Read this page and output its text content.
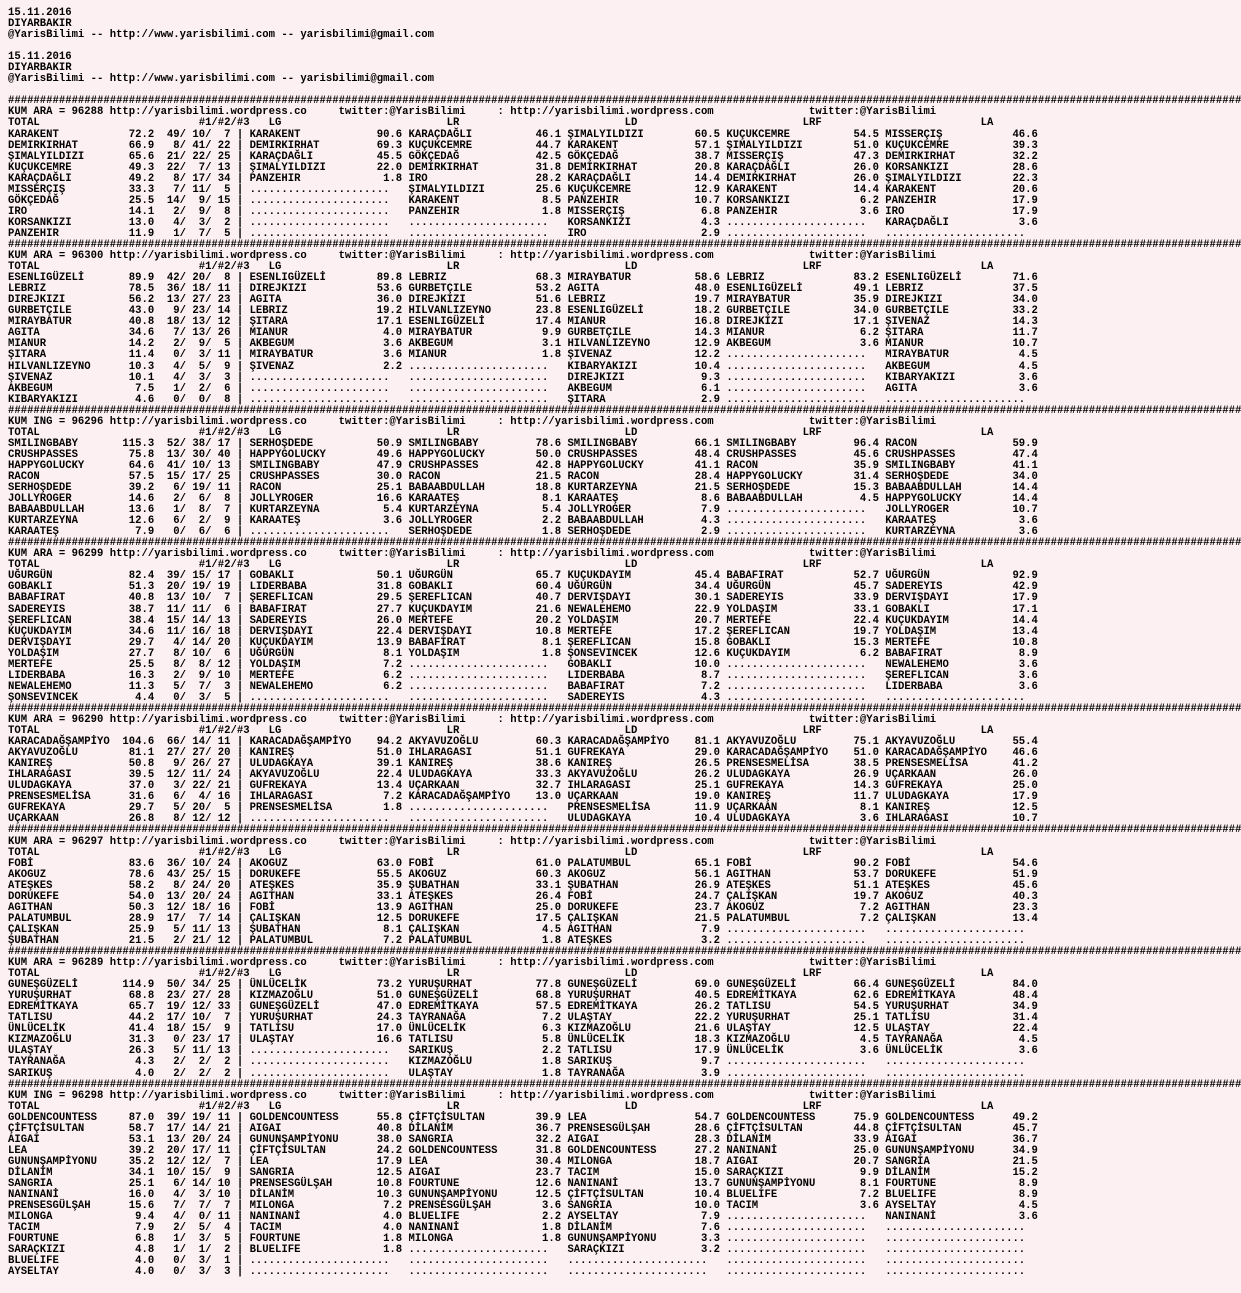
15.11.2016
DIYARBAKIR
@YarisBilimi -- http://www.yarisbilimi.com -- yarisbilimi@gmail.com

15.11.2016
DIYARBAKIR
@YarisBilimi -- http://www.yarisbilimi.com -- yarisbilimi@gmail.com

##################################################################################################################################################################################################
KUM ARA = 96288 http://yarisbilimi.wordpress.co     twitter:@YarisBilimi     : http://yarisbilimi.wordpress.com               twitter:@YarisBilimi
TOTAL                         #1/#2/#3   LG                          LR                          LD                          LRF                         LA
KARAKENT           72.2  49/ 10/  7 | KARAKENT            90.6 KARAÇDAĞLI          46.1 ŞIMALYILDIZI        60.5 KUÇUKCEMRE          54.5 MISSERÇIŞ           46.6
DEMIRKIRHAT        66.9   8/ 41/ 22 | DEMIRKIRHAT         69.3 KUÇUKCEMRE          44.7 KARAKENT            57.1 ŞIMALYILDIZI        51.0 KUÇUKCEMRE          39.3
ŞIMALYILDIZI       65.6  21/ 22/ 25 | KARAÇDAĞLI          45.5 GÖKÇEDAĞ            42.5 GÖKÇEDAĞ            38.7 MISSERÇIŞ           47.3 DEMIRKIRHAT         32.2
KUÇUKCEMRE         49.3  22/  7/ 13 | ŞIMALYILDIZI        22.0 DEMIRKIRHAT         31.8 DEMIRKIRHAT         20.8 KARAÇDAĞLI          26.0 KORSANKIZI          28.6
KARAÇDAĞLI         49.2   8/ 17/ 34 | PANZEHIR             1.8 IRO                 28.2 KARAÇDAĞLI          14.4 DEMIRKIRHAT         26.0 ŞIMALYILDIZI        22.3
MISSERÇIŞ          33.3   7/ 11/  5 | ......................   ŞIMALYILDIZI        25.6 KUÇUKCEMRE          12.9 KARAKENT            14.4 KARAKENT            20.6
GÖKÇEDAĞ           25.5  14/  9/ 15 | ......................   KARAKENT             8.5 PANZEHIR            10.7 KORSANKIZI           6.2 PANZEHIR            17.9
IRO                14.1   2/  9/  8 | ......................   PANZEHIR             1.8 MISSERÇIŞ            6.8 PANZEHIR             3.6 IRO                 17.9
KORSANKIZI         13.0   4/  3/  2 | ......................   ......................   KORSANKIZI           4.3 ......................   KARAÇDAĞLI           3.6
PANZEHIR           11.9   1/  7/  5 | ......................   ......................   IRO                  2.9 ......................   ......................
##################################################################################################################################################################################################
KUM ARA = 96300 http://yarisbilimi.wordpress.co     twitter:@YarisBilimi     : http://yarisbilimi.wordpress.com               twitter:@YarisBilimi
TOTAL                         #1/#2/#3   LG                          LR                          LD                          LRF                         LA
ESENLIGÜZELİ       89.9  42/ 20/  8 | ESENLIGÜZELİ        89.8 LEBRIZ              68.3 MIRAYBATUR          58.6 LEBRIZ              83.2 ESENLIGÜZELİ        71.6
LEBRIZ             78.5  36/ 18/ 11 | DIREJKIZI           53.6 GURBETÇILE          53.2 AGITA               48.0 ESENLIGÜZELİ        49.1 LEBRIZ              37.5
DIREJKIZI          56.2  13/ 27/ 23 | AGITA               36.0 DIREJKIZI           51.6 LEBRIZ              19.7 MIRAYBATUR          35.9 DIREJKIZI           34.0
GURBETÇILE         43.0   9/ 23/ 14 | LEBRIZ              19.2 HILVANLIZEYNO       23.8 ESENLIGÜZELİ        18.2 GURBETÇILE          34.0 GURBETÇILE          33.2
MIRAYBATUR         40.8  18/ 13/ 12 | ŞITARA              17.1 ESENLIGÜZELİ        17.4 MIANUR              16.8 DIREJKIZI           17.1 ŞIVENAZ             14.3
AGITA              34.6   7/ 13/ 26 | MIANUR               4.0 MIRAYBATUR           9.9 GURBETÇILE          14.3 MIANUR               6.2 ŞITARA              11.7
MIANUR             14.2   2/  9/  5 | AKBEGUM              3.6 AKBEGUM              3.1 HILVANLIZEYNO       12.9 AKBEGUM              3.6 MIANUR              10.7
ŞITARA             11.4   0/  3/ 11 | MIRAYBATUR           3.6 MIANUR               1.8 ŞIVENAZ             12.2 ......................   MIRAYBATUR           4.5
HILVANLIZEYNO      10.3   4/  5/  9 | ŞIVENAZ              2.2 ......................   KIBARYAKIZI         10.4 ......................   AKBEGUM              4.5
ŞIVENAZ            10.1   4/  3/  3 | ......................   ......................   DIREJKIZI            9.3 ......................   KIBARYAKIZI          3.6
AKBEGUM             7.5   1/  2/  6 | ......................   ......................   AKBEGUM              6.1 ......................   AGITA                3.6
KIBARYAKIZI         4.6   0/  0/  8 | ......................   ......................   ŞITARA               2.9 ......................   ......................
##################################################################################################################################################################################################
KUM ING = 96296 http://yarisbilimi.wordpress.co     twitter:@YarisBilimi     : http://yarisbilimi.wordpress.com               twitter:@YarisBilimi
TOTAL                         #1/#2/#3   LG                          LR                          LD                          LRF                         LA
SMILINGBABY       115.3  52/ 38/ 17 | SERHOŞDEDE          50.9 SMILINGBABY         78.6 SMILINGBABY         66.1 SMILINGBABY         96.4 RACON               59.9
CRUSHPASSES        75.8  13/ 30/ 40 | HAPPYGOLUCKY        49.6 HAPPYGOLUCKY        50.0 CRUSHPASSES         48.4 CRUSHPASSES         45.6 CRUSHPASSES         47.4
HAPPYGOLUCKY       64.6  41/ 10/ 13 | SMILINGBABY         47.9 CRUSHPASSES         42.8 HAPPYGOLUCKY        41.1 RACON               35.9 SMILINGBABY         41.1
RACON              57.5  15/ 17/ 25 | CRUSHPASSES         30.0 RACON               21.5 RACON               28.4 HAPPYGOLUCKY        31.4 SERHOŞDEDE          34.0
SERHOŞDEDE         39.2   6/ 19/ 11 | RACON               25.1 BABAABDULLAH        18.8 KURTARZEYNA         21.5 SERHOŞDEDE          15.3 BABAABDULLAH        14.4
JOLLYROGER         14.6   2/  6/  8 | JOLLYROGER          16.6 KARAATEŞ             8.1 KARAATEŞ             8.6 BABAABDULLAH         4.5 HAPPYGOLUCKY        14.4
BABAABDULLAH       13.6   1/  8/  7 | KURTARZEYNA          5.4 KURTARZEYNA          5.4 JOLLYROGER           7.9 ......................   JOLLYROGER          10.7
KURTARZEYNA        12.6   6/  2/  9 | KARAATEŞ             3.6 JOLLYROGER           2.2 BABAABDULLAH         4.3 ......................   KARAATEŞ             3.6
KARAATEŞ            7.9   0/  6/  6 | ......................   SERHOŞDEDE           1.8 SERHOŞDEDE           2.9 ......................   KURTARZEYNA          3.6
##################################################################################################################################################################################################
KUM ARA = 96299 http://yarisbilimi.wordpress.co     twitter:@YarisBilimi     : http://yarisbilimi.wordpress.com               twitter:@YarisBilimi
TOTAL                         #1/#2/#3   LG                          LR                          LD                          LRF                         LA
UĞURGÜN            82.4  39/ 15/ 17 | GOBAKLI             50.1 UĞURGÜN             65.7 KUÇUKDAYIM          45.4 BABAFIRAT           52.7 UĞURGÜN             92.9
GOBAKLI            51.3  20/ 19/ 19 | LIDERBABA           31.8 GOBAKLI             60.4 UĞURGÜN             34.4 UĞURGÜN             45.7 SADEREYIS           42.9
BABAFIRAT          40.8  13/ 10/  7 | ŞEREFLICAN          29.5 ŞEREFLICAN          40.7 DERVIŞDAYI          30.1 SADEREYIS           33.9 DERVIŞDAYI          17.9
SADEREYIS          38.7  11/ 11/  6 | BABAFIRAT           27.7 KUÇUKDAYIM          21.6 NEWALEHEMO          22.9 YOLDAŞIM            33.1 GOBAKLI             17.1
ŞEREFLICAN         38.4  15/ 14/ 13 | SADEREYIS           26.0 MERTEFE             20.2 YOLDAŞIM            20.7 MERTEFE             22.4 KUÇUKDAYIM          14.4
KUÇUKDAYIM         34.6  11/ 16/ 18 | DERVIŞDAYI          22.4 DERVIŞDAYI          10.8 MERTEFE             17.2 ŞEREFLICAN          19.7 YOLDAŞIM            13.4
DERVIŞDAYI         29.7   4/ 14/ 20 | KUÇUKDAYIM          13.9 BABAFIRAT            8.1 ŞEREFLICAN          15.8 GOBAKLI             15.3 MERTEFE             10.8
YOLDAŞIM           27.7   8/ 10/  6 | UĞURGÜN              8.1 YOLDAŞIM             1.8 ŞONSEVINCEK         12.6 KUÇUKDAYIM           6.2 BABAFIRAT            8.9
MERTEFE            25.5   8/  8/ 12 | YOLDAŞIM             7.2 ......................   GOBAKLI             10.0 ......................   NEWALEHEMO           3.6
LIDERBABA          16.3   2/  9/ 10 | MERTEFE              6.2 ......................   LIDERBABA            8.7 ......................   ŞEREFLICAN           3.6
NEWALEHEMO         11.3   5/  7/  3 | NEWALEHEMO           6.2 ......................   BABAFIRAT            7.2 ......................   LIDERBABA            3.6
ŞONSEVINCEK         4.4   0/  3/  5 | ......................   ......................   SADEREYIS            4.3 ......................   ......................
##################################################################################################################################################################################################
KUM ARA = 96290 http://yarisbilimi.wordpress.co     twitter:@YarisBilimi     : http://yarisbilimi.wordpress.com               twitter:@YarisBilimi
TOTAL                         #1/#2/#3   LG                          LR                          LD                          LRF                         LA
KARACADAĞŞAMPİYO  104.6  66/ 14/ 11 | KARACADAĞŞAMPİYO    94.2 AKYAVUZOĞLU         60.3 KARACADAĞŞAMPİYO    81.1 AKYAVUZOĞLU         75.1 AKYAVUZOĞLU         55.4
AKYAVUZOĞLU        81.1  27/ 27/ 20 | KANIREŞ             51.0 IHLARAGASI          51.1 GUFREKAYA           29.0 KARACADAĞŞAMPİYO    51.0 KARACADAĞŞAMPİYO    46.6
KANIREŞ            50.8   9/ 26/ 27 | ULUDAGKAYA          39.1 KANIREŞ             38.6 KANIREŞ             26.5 PRENSESMELİSA       38.5 PRENSESMELİSA       41.2
IHLARAGASI         39.5  12/ 11/ 24 | AKYAVUZOĞLU         22.4 ULUDAGKAYA          33.3 AKYAVUZOĞLU         26.2 ULUDAGKAYA          26.9 UÇARKAAN            26.0
ULUDAGKAYA         37.0   3/ 22/ 21 | GUFREKAYA           13.4 UÇARKAAN            32.7 IHLARAGASI          25.1 GUFREKAYA           14.3 GUFREKAYA           25.0
PRENSESMELİSA      31.6   6/  4/ 16 | IHLARAGASI           7.2 KARACADAĞŞAMPİYO    13.0 UÇARKAAN            19.0 KANIREŞ             11.7 ULUDAGKAYA          17.9
GUFREKAYA          29.7   5/ 20/  5 | PRENSESMELİSA        1.8 ......................   PRENSESMELİSA       11.9 UÇARKAAN             8.1 KANIREŞ             12.5
UÇARKAAN           26.8   8/ 12/ 12 | ......................   ......................   ULUDAGKAYA          10.4 ULUDAGKAYA           3.6 IHLARAGASI          10.7
##################################################################################################################################################################################################
KUM ARA = 96297 http://yarisbilimi.wordpress.co     twitter:@YarisBilimi     : http://yarisbilimi.wordpress.com               twitter:@YarisBilimi
TOTAL                         #1/#2/#3   LG                          LR                          LD                          LRF                         LA
FOBİ               83.6  36/ 10/ 24 | AKOGUZ              63.0 FOBİ                61.0 PALATUMBUL          65.1 FOBİ                90.2 FOBİ                54.6
AKOGUZ             78.6  43/ 25/ 15 | DORUKEFE            55.5 AKOGUZ              60.3 AKOGUZ              56.1 AGITHAN             53.7 DORUKEFE            51.9
ATEŞKES            58.2   8/ 24/ 20 | ATEŞKES             35.9 ŞUBATHAN            33.1 ŞUBATHAN            26.9 ATEŞKES             51.1 ATEŞKES             45.6
DORUKEFE           54.0  13/ 20/ 24 | AGITHAN             33.1 ATEŞKES             26.4 FOBİ                24.7 ÇALIŞKAN            19.7 AKOGUZ              40.3
AGITHAN            50.3  12/ 18/ 16 | FOBİ                13.9 AGITHAN             25.0 DORUKEFE            23.7 AKOGUZ               7.2 AGITHAN             23.3
PALATUMBUL         28.9  17/  7/ 14 | ÇALIŞKAN            12.5 DORUKEFE            17.5 ÇALIŞKAN            21.5 PALATUMBUL           7.2 ÇALIŞKAN            13.4
ÇALIŞKAN           25.9   5/ 11/ 13 | ŞUBATHAN             8.1 ÇALIŞKAN             4.5 AGITHAN              7.9 ......................   ......................
ŞUBATHAN           21.5   2/ 21/ 12 | PALATUMBUL           7.2 PALATUMBUL           1.8 ATEŞKES              3.2 ......................   ......................
##################################################################################################################################################################################################
KUM ARA = 96289 http://yarisbilimi.wordpress.co     twitter:@YarisBilimi     : http://yarisbilimi.wordpress.com               twitter:@YarisBilimi
TOTAL                         #1/#2/#3   LG                          LR                          LD                          LRF                         LA
GUNEŞGÜZELİ       114.9  50/ 34/ 25 | ÜNLÜCELİK           73.2 YURUŞURHAT          77.8 GUNEŞGÜZELİ         69.0 GUNEŞGÜZELİ         66.4 GUNEŞGÜZELİ         84.0
YURUŞURHAT         68.8  23/ 27/ 28 | KIZMAZOĞLU          51.0 GUNEŞGÜZELİ         68.8 YURUŞURHAT          40.5 EDREMİTKAYA         62.6 EDREMİTKAYA         48.4
EDREMİTKAYA        65.7  19/ 12/ 33 | GUNEŞGÜZELİ         47.0 EDREMİTKAYA         57.5 EDREMİTKAYA         26.2 TATLISU             54.5 YURUŞURHAT          34.9
TATLISU            44.2  17/ 10/  7 | YURUŞURHAT          24.3 TAYRANAĞA            7.2 ULAŞTAY             22.2 YURUŞURHAT          25.1 TATLISU             31.4
ÜNLÜCELİK          41.4  18/ 15/  9 | TATLISU             17.0 ÜNLÜCELİK            6.3 KIZMAZOĞLU          21.6 ULAŞTAY             12.5 ULAŞTAY             22.4
KIZMAZOĞLU         31.3   0/ 23/ 17 | ULAŞTAY             16.6 TATLISU              5.8 ÜNLÜCELİK           18.3 KIZMAZOĞLU           4.5 TAYRANAĞA            4.5
ULAŞTAY            26.3   5/ 11/ 13 | ......................   SARIKUŞ              2.2 TATLISU             17.9 ÜNLÜCELİK            3.6 ÜNLÜCELİK            3.6
TAYRANAĞA           4.3   2/  2/  2 | ......................   KIZMAZOĞLU           1.8 SARIKUŞ              9.7 ......................   ......................
SARIKUŞ             4.0   2/  2/  2 | ......................   ULAŞTAY              1.8 TAYRANAĞA            3.9 ......................   ......................
##################################################################################################################################################################################################
KUM ING = 96298 http://yarisbilimi.wordpress.co     twitter:@YarisBilimi     : http://yarisbilimi.wordpress.com               twitter:@YarisBilimi
TOTAL                         #1/#2/#3   LG                          LR                          LD                          LRF                         LA
GOLDENCOUNTESS     87.0  39/ 19/ 11 | GOLDENCOUNTESS      55.8 ÇİFTÇİSULTAN        39.9 LEA                 54.7 GOLDENCOUNTESS      75.9 GOLDENCOUNTESS      49.2
ÇİFTÇİSULTAN       58.7  17/ 14/ 21 | AIGAI               40.8 DİLANİM             36.7 PRENSESGÜLŞAH       28.6 ÇİFTÇİSULTAN        44.8 ÇİFTÇİSULTAN        45.7
AIGAI              53.1  13/ 20/ 24 | GUNUNŞAMPİYONU      38.0 SANGRIA             32.2 AIGAI               28.3 DİLANİM             33.9 AIGAI               36.7
LEA                39.2  20/ 17/ 11 | ÇİFTÇİSULTAN        24.2 GOLDENCOUNTESS      31.8 GOLDENCOUNTESS      27.2 NANINANİ            25.0 GUNUNŞAMPİYONU      34.9
GUNUNŞAMPİYONU     35.2  12/ 12/  7 | LEA                 17.9 LEA                 30.4 MILONGA             18.7 AIGAI               20.7 SANGRIA             21.5
DİLANİM            34.1  10/ 15/  9 | SANGRIA             12.5 AIGAI               23.7 TACIM               15.0 SARAÇKIZI            9.9 DİLANİM             15.2
SANGRIA            25.1   6/ 14/ 10 | PRENSESGÜLŞAH       10.8 FOURTUNE            12.6 NANINANİ            13.7 GUNUNŞAMPİYONU       8.1 FOURTUNE             8.9
NANINANİ           16.0   4/  3/ 10 | DİLANİM             10.3 GUNUNŞAMPİYONU      12.5 ÇİFTÇİSULTAN        10.4 BLUELIFE             7.2 BLUELIFE             8.9
PRENSESGÜLŞAH      15.6   7/  7/  7 | MILONGA              7.2 PRENSESGÜLŞAH        3.6 SANGRIA             10.0 TACIM                3.6 AYSELTAY             4.5
MILONGA             9.4   4/  0/ 11 | NANINANİ             4.0 BLUELIFE             2.2 AYSELTAY             7.9 ......................   NANINANİ             3.6
TACIM               7.9   2/  5/  4 | TACIM                4.0 NANINANİ             1.8 DİLANİM              7.6 ......................   ......................
FOURTUNE            6.8   1/  3/  5 | FOURTUNE             1.8 MILONGA              1.8 GUNUNŞAMPİYONU       3.3 ......................   ......................
SARAÇKIZI           4.8   1/  1/  2 | BLUELIFE             1.8 ......................   SARAÇKIZI            3.2 ......................   ......................
BLUELIFE            4.0   0/  3/  1 | ......................   ......................   ......................   ......................   ......................
AYSELTAY            4.0   0/  3/  3 | ......................   ......................   ......................   ......................   ......................
